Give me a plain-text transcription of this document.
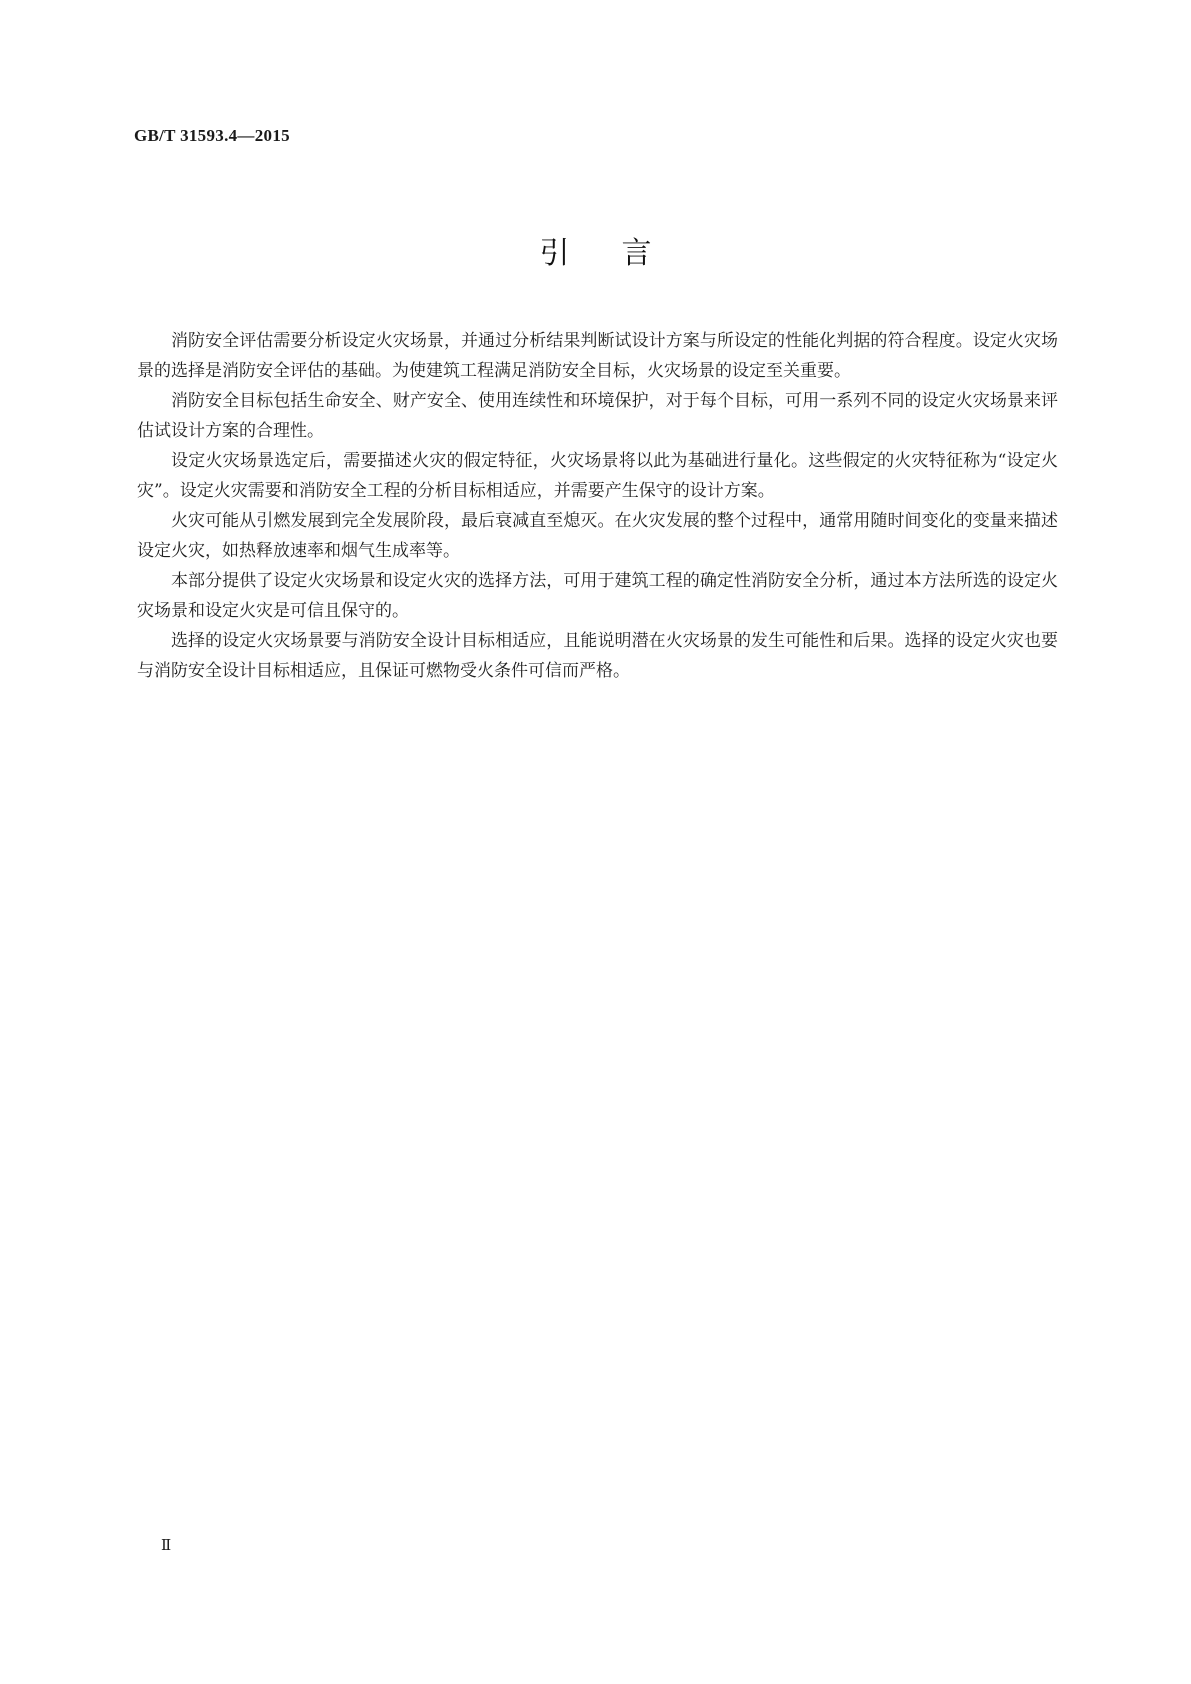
GB/T 31593.4—2015
引言

消防安全评估需要分析设定火灾场景，并通过分析结果判断试设计方案与所设定的性能化判据的符合程度。设定火灾场景的选择是消防安全评估的基础。为使建筑工程满足消防安全目标，火灾场景的设定至关重要。

消防安全目标包括生命安全、财产安全、使用连续性和环境保护，对于每个目标，可用一系列不同的设定火灾场景来评估试设计方案的合理性。

设定火灾场景选定后，需要描述火灾的假定特征，火灾场景将以此为基础进行量化。这些假定的火灾特征称为“设定火灾”。设定火灾需要和消防安全工程的分析目标相适应，并需要产生保守的设计方案。

火灾可能从引燃发展到完全发展阶段，最后衰减直至熄灭。在火灾发展的整个过程中，通常用随时间变化的变量来描述设定火灾，如热释放速率和烟气生成率等。

本部分提供了设定火灾场景和设定火灾的选择方法，可用于建筑工程的确定性消防安全分析，通过本方法所选的设定火灾场景和设定火灾是可信且保守的。

选择的设定火灾场景要与消防安全设计目标相适应，且能说明潜在火灾场景的发生可能性和后果。选择的设定火灾也要与消防安全设计目标相适应，且保证可燃物受火条件可信而严格。

Ⅱ
